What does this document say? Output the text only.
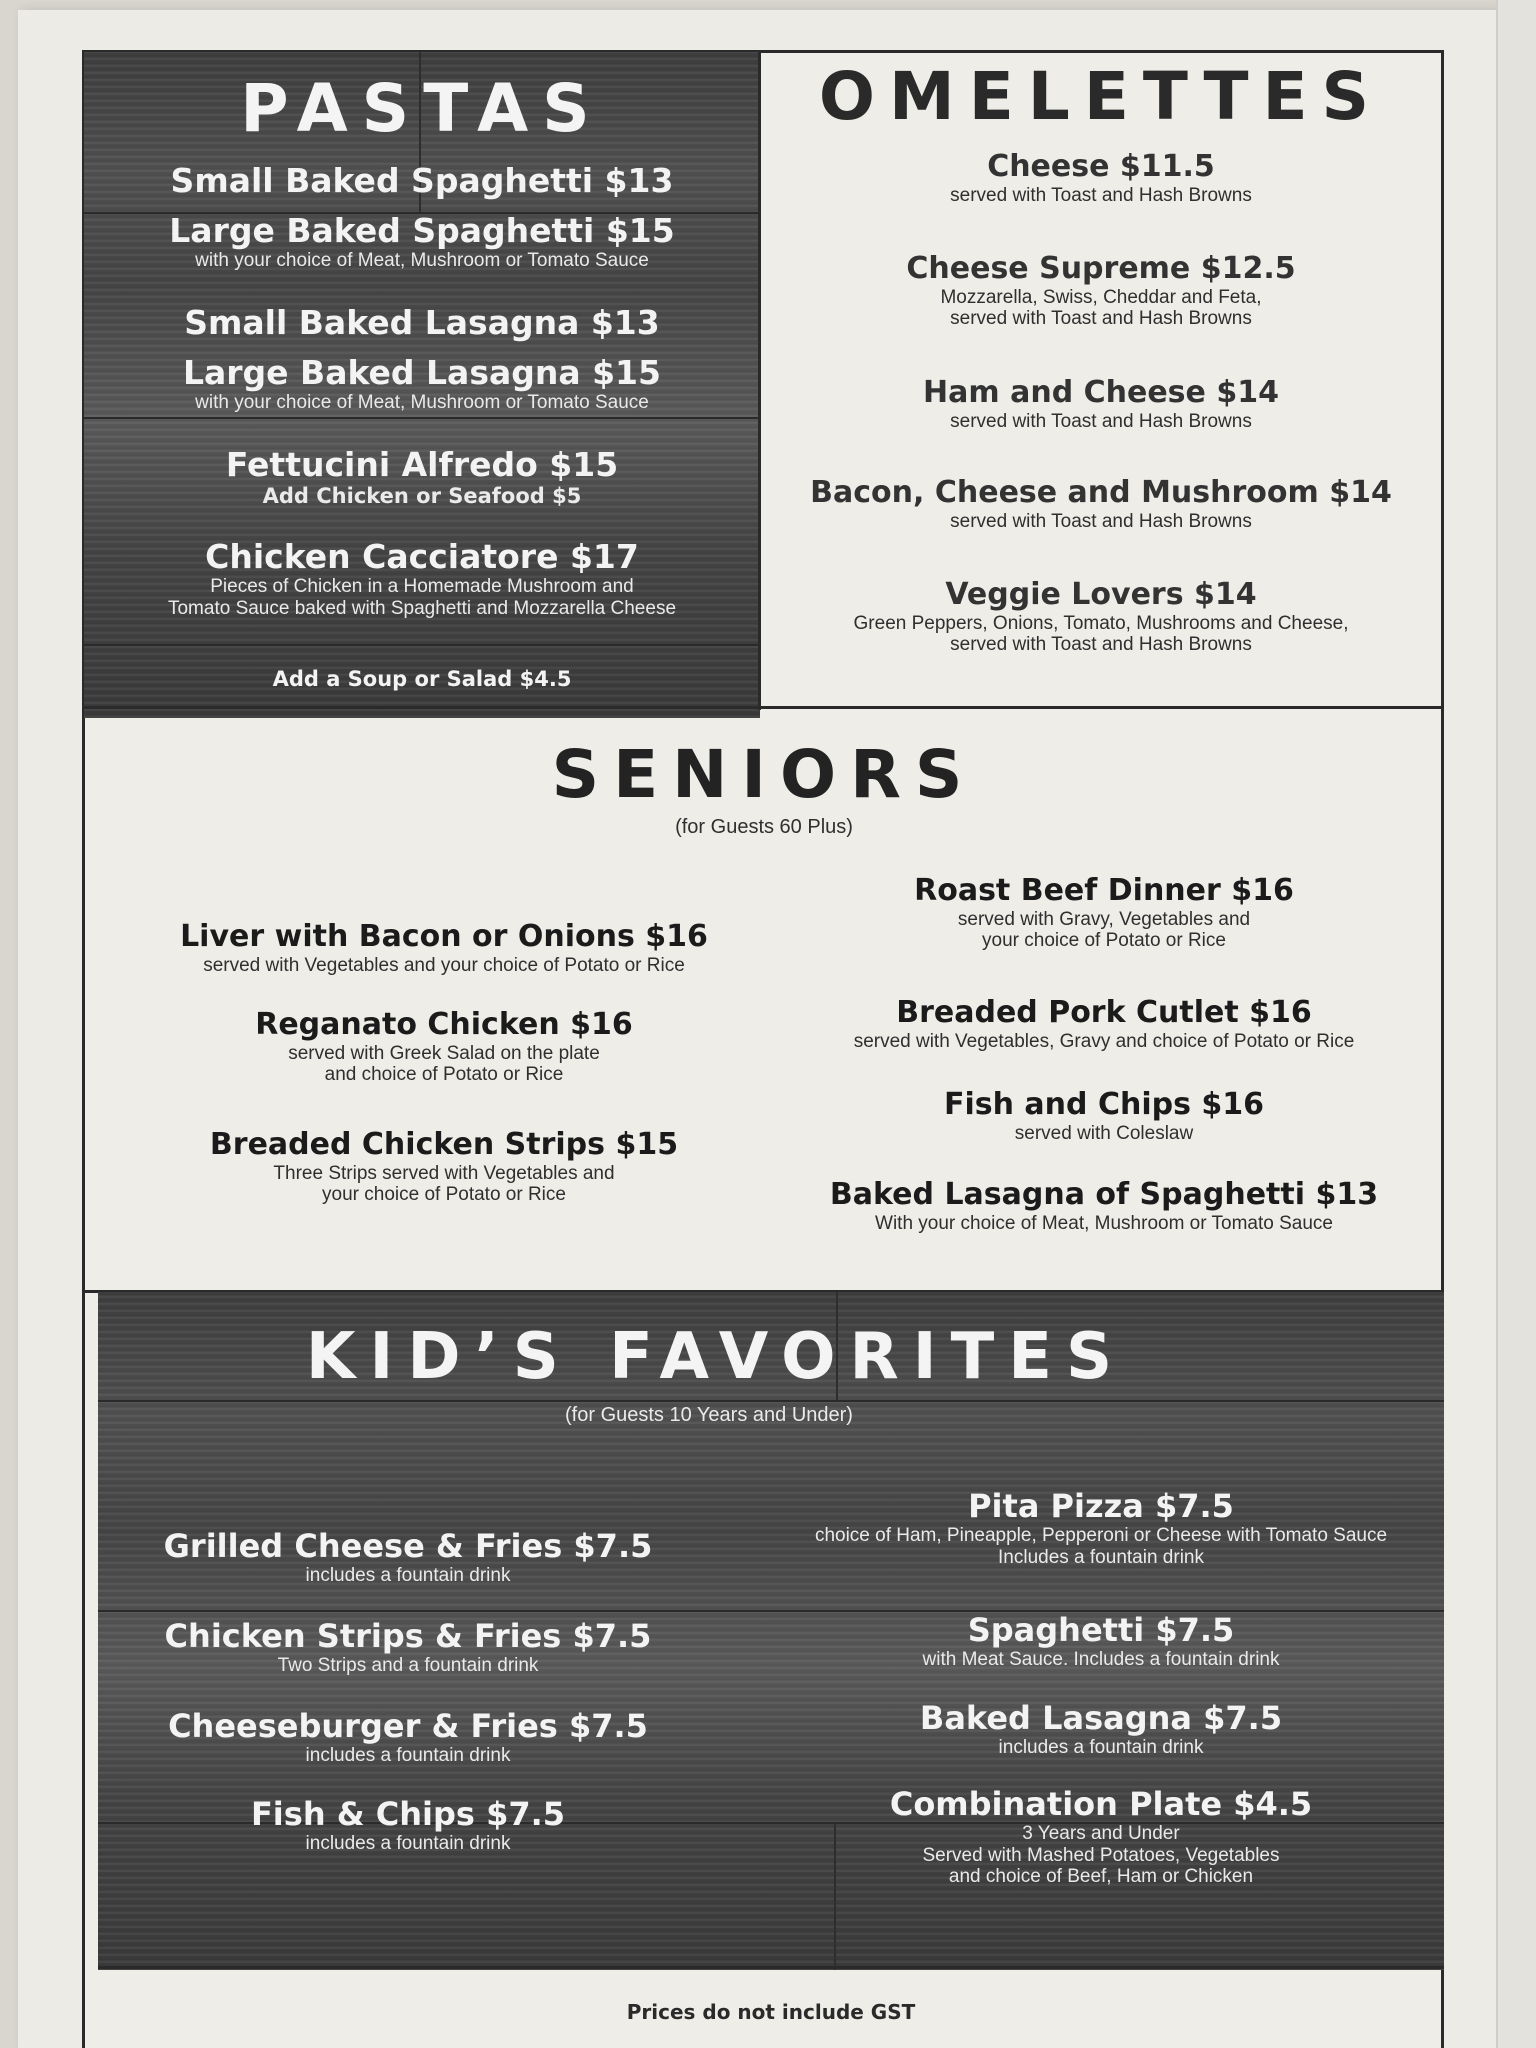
PASTAS
Small Baked Spaghetti $13
Large Baked Spaghetti $15
with your choice of Meat, Mushroom or Tomato Sauce
Small Baked Lasagna $13
Large Baked Lasagna $15
with your choice of Meat, Mushroom or Tomato Sauce
Fettucini Alfredo $15
Add Chicken or Seafood $5
Chicken Cacciatore $17
Pieces of Chicken in a Homemade Mushroom and
Tomato Sauce baked with Spaghetti and Mozzarella Cheese
Add a Soup or Salad $4.5
OMELETTES
Cheese $11.5
served with Toast and Hash Browns
Cheese Supreme $12.5
Mozzarella, Swiss, Cheddar and Feta,
served with Toast and Hash Browns
Ham and Cheese $14
served with Toast and Hash Browns
Bacon, Cheese and Mushroom $14
served with Toast and Hash Browns
Veggie Lovers $14
Green Peppers, Onions, Tomato, Mushrooms and Cheese,
served with Toast and Hash Browns
SENIORS
(for Guests 60 Plus)
Liver with Bacon or Onions $16
served with Vegetables and your choice of Potato or Rice
Reganato Chicken $16
served with Greek Salad on the plate
and choice of Potato or Rice
Breaded Chicken Strips $15
Three Strips served with Vegetables and
your choice of Potato or Rice
Roast Beef Dinner $16
served with Gravy, Vegetables and
your choice of Potato or Rice
Breaded Pork Cutlet $16
served with Vegetables, Gravy and choice of Potato or Rice
Fish and Chips $16
served with Coleslaw
Baked Lasagna of Spaghetti $13
With your choice of Meat, Mushroom or Tomato Sauce
KID’S FAVORITES
(for Guests 10 Years and Under)
Grilled Cheese & Fries $7.5
includes a fountain drink
Chicken Strips & Fries $7.5
Two Strips and a fountain drink
Cheeseburger & Fries $7.5
includes a fountain drink
Fish & Chips $7.5
includes a fountain drink
Pita Pizza $7.5
choice of Ham, Pineapple, Pepperoni or Cheese with Tomato Sauce
Includes a fountain drink
Spaghetti $7.5
with Meat Sauce. Includes a fountain drink
Baked Lasagna $7.5
includes a fountain drink
Combination Plate $4.5
3 Years and Under
Served with Mashed Potatoes, Vegetables
and choice of Beef, Ham or Chicken
Prices do not include GST
